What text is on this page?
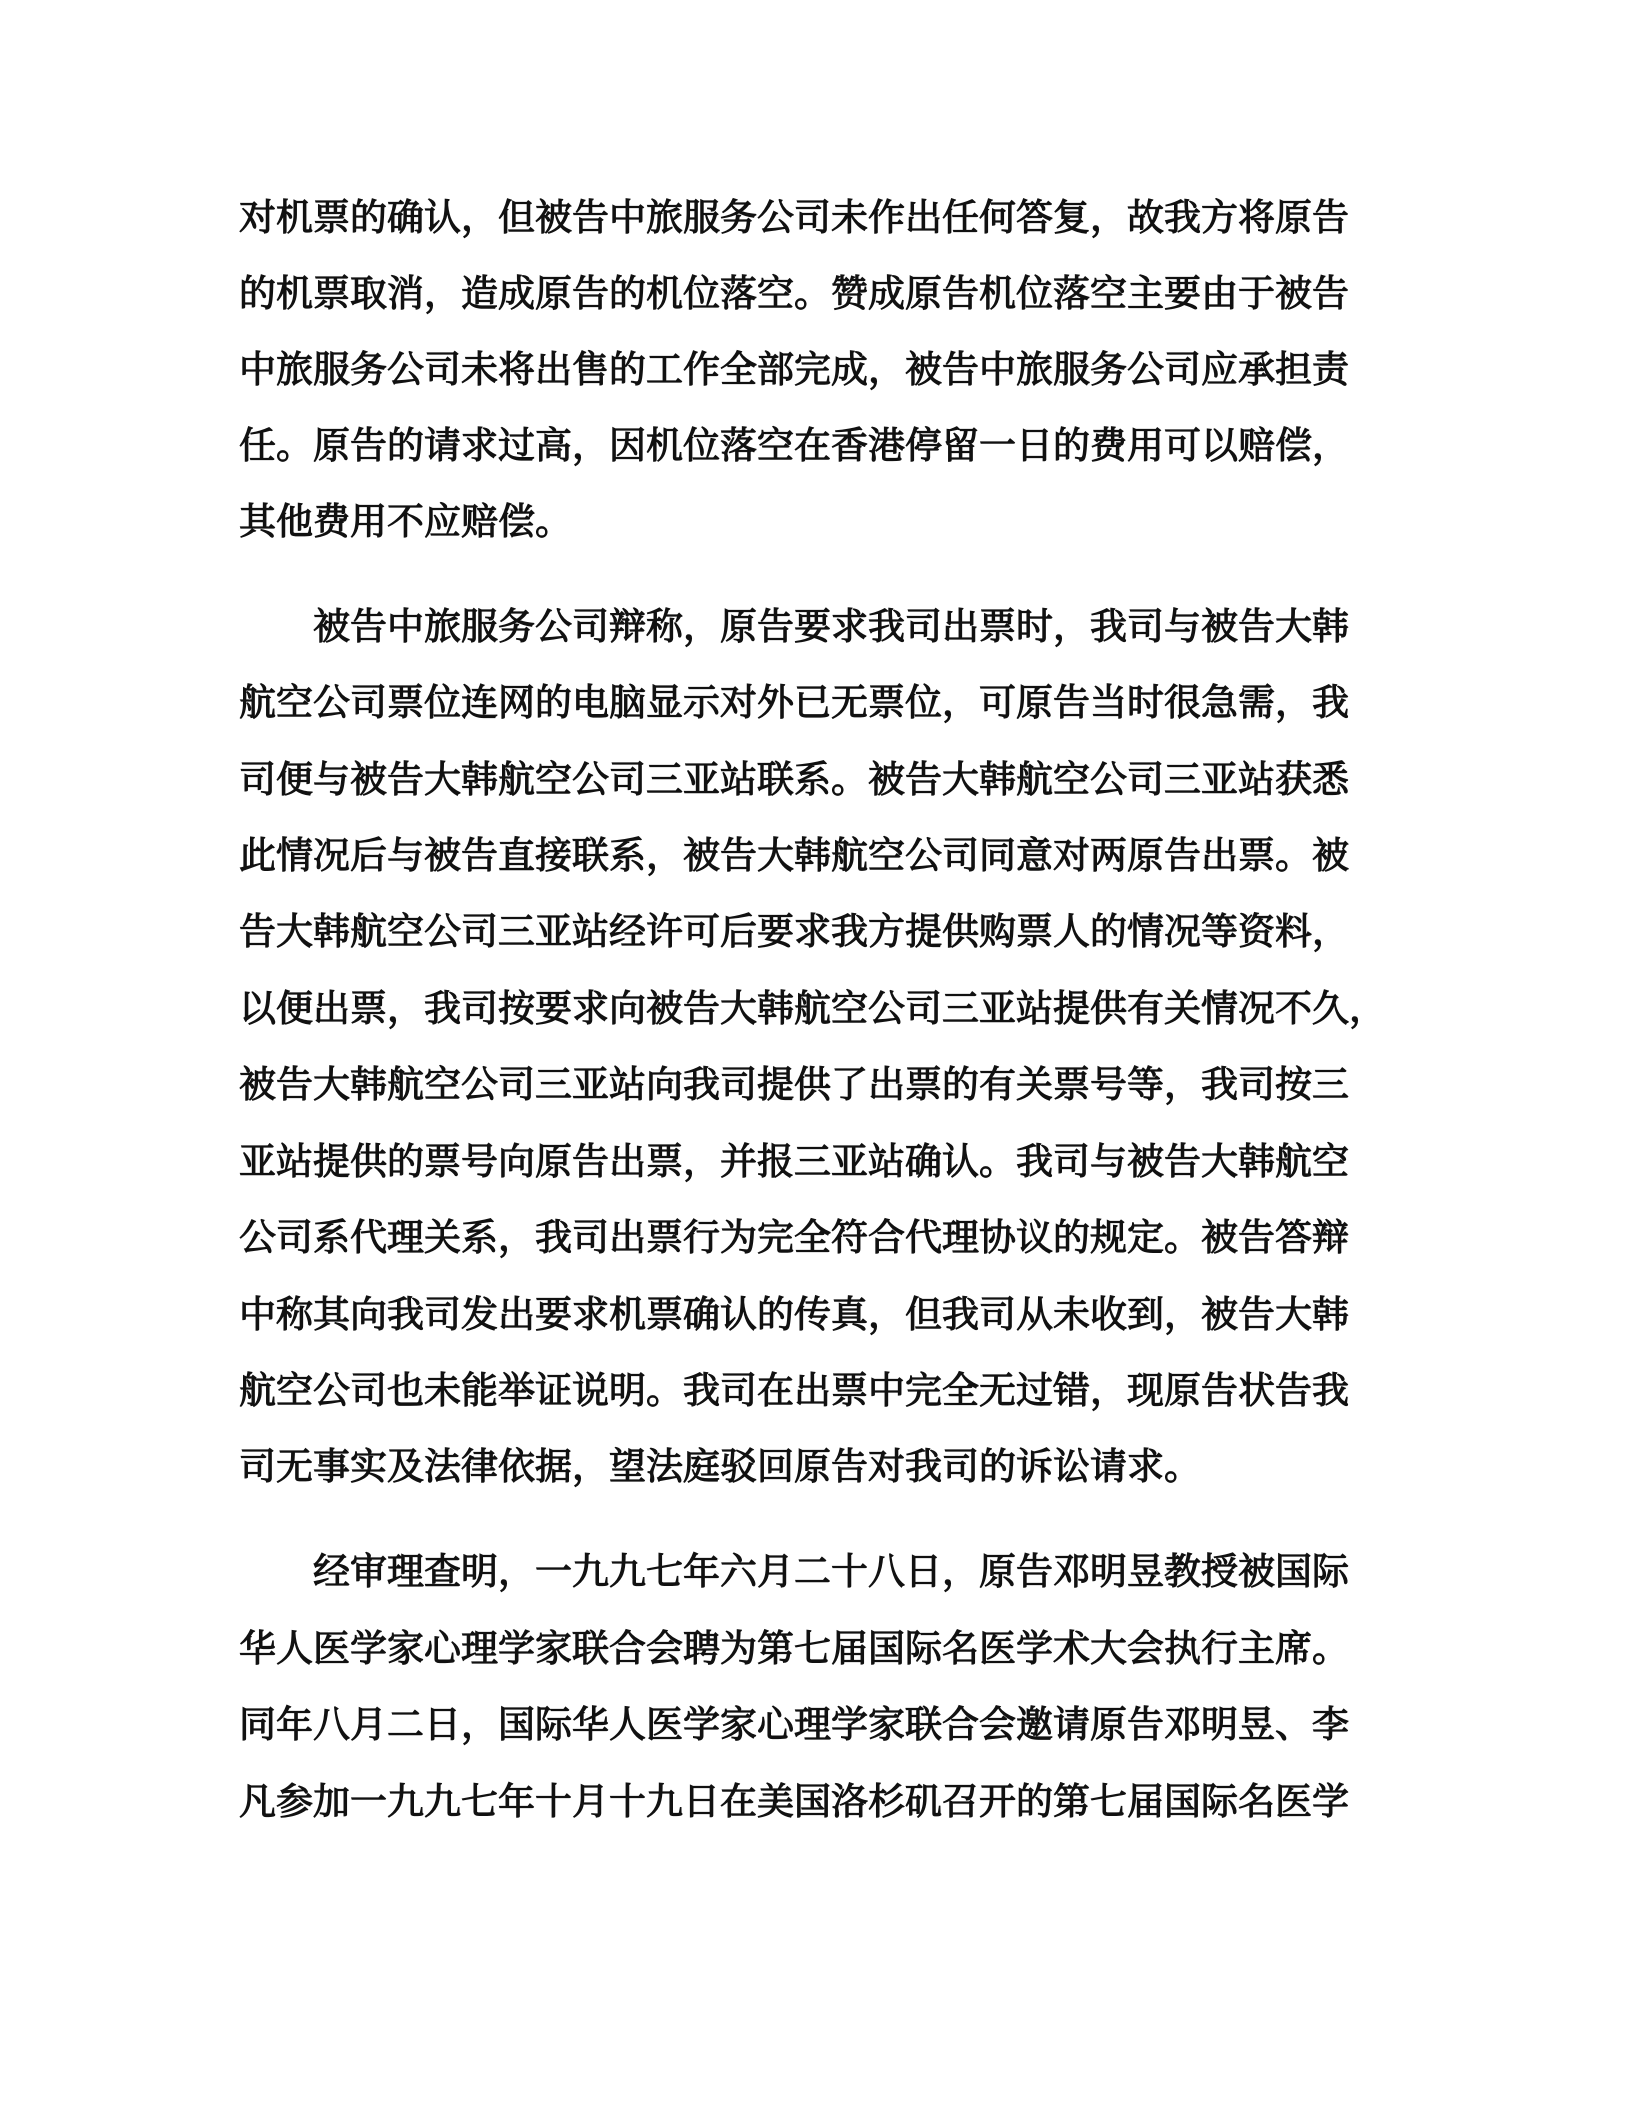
对机票的确认，但被告中旅服务公司未作出任何答复，故我方将原告
的机票取消，造成原告的机位落空。赞成原告机位落空主要由于被告
中旅服务公司未将出售的工作全部完成，被告中旅服务公司应承担责
任。原告的请求过高，因机位落空在香港停留一日的费用可以赔偿，
其他费用不应赔偿。
被告中旅服务公司辩称，原告要求我司出票时，我司与被告大韩
航空公司票位连网的电脑显示对外已无票位，可原告当时很急需，我
司便与被告大韩航空公司三亚站联系。被告大韩航空公司三亚站获悉
此情况后与被告直接联系，被告大韩航空公司同意对两原告出票。被
告大韩航空公司三亚站经许可后要求我方提供购票人的情况等资料，
以便出票，我司按要求向被告大韩航空公司三亚站提供有关情况不久，
被告大韩航空公司三亚站向我司提供了出票的有关票号等，我司按三
亚站提供的票号向原告出票，并报三亚站确认。我司与被告大韩航空
公司系代理关系，我司出票行为完全符合代理协议的规定。被告答辩
中称其向我司发出要求机票确认的传真，但我司从未收到，被告大韩
航空公司也未能举证说明。我司在出票中完全无过错，现原告状告我
司无事实及法律依据，望法庭驳回原告对我司的诉讼请求。
经审理查明，一九九七年六月二十八日，原告邓明昱教授被国际
华人医学家心理学家联合会聘为第七届国际名医学术大会执行主席。
同年八月二日，国际华人医学家心理学家联合会邀请原告邓明昱、李
凡参加一九九七年十月十九日在美国洛杉矶召开的第七届国际名医学
